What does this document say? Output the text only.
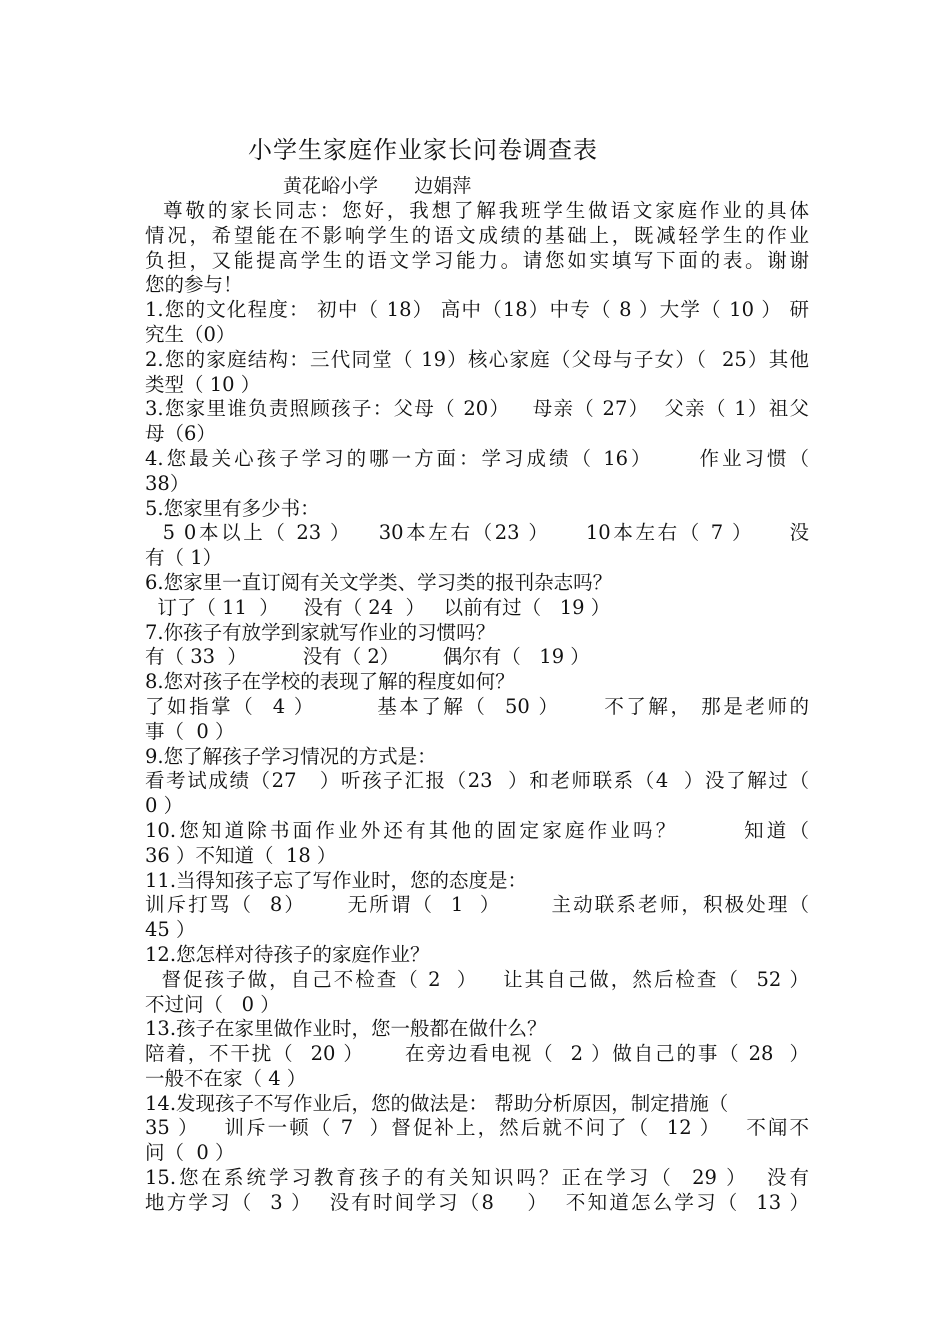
小学生家庭作业家长问卷调查表
黄花峪小学      边娟萍
尊敬的家长同志：您好，我想了解我班学生做语文家庭作业的具体
情况，希望能在不影响学生的语文成绩的基础上，既减轻学生的作业
负担，又能提高学生的语文学习能力。请您如实填写下面的表。谢谢
您的参与！
1.您的文化程度： 初中（ 18） 高中（18）中专（ 8 ）大学（ 10 ） 研
究生（0）
2.您的家庭结构：三代同堂（ 19）核心家庭（父母与子女）（  25）其他
类型（ 10 ）
3.您家里谁负责照顾孩子：父母（ 20）   母亲（ 27）  父亲（ 1）祖父
母（6）
4.您最关心孩子学习的哪一方面：学习成绩（ 16）     作业习惯（
38）
5.您家里有多少书：
5 0本以上（ 23 ）   30本左右（23 ）    10本左右（ 7 ）    没
有（ 1）
6.您家里一直订阅有关文学类、学习类的报刊杂志吗？
订了（ 11  ）    没有（ 24  ）   以前有过（   19 ）
7.你孩子有放学到家就写作业的习惯吗？
有（ 33  ）         没有（ 2）       偶尔有（   19 ）
8.您对孩子在学校的表现了解的程度如何？
了如指掌（  4 ）       基本了解（  50 ）     不了解， 那是老师的
事（  0 ）
9.您了解孩子学习情况的方式是：
看考试成绩（27   ）听孩子汇报（23  ）和老师联系（4  ）没了解过（
0 ）
10.您知道除书面作业外还有其他的固定家庭作业吗？       知道（
36 ）不知道（  18 ）
11.当得知孩子忘了写作业时，您的态度是：
训斥打骂（  8）     无所谓（  1  ）      主动联系老师，积极处理（
45 ）
12.您怎样对待孩子的家庭作业？
督促孩子做，自己不检查（ 2  ）   让其自己做，然后检查（  52 ）
不过问（   0 ）
13.孩子在家里做作业时，您一般都在做什么？
陪着，不干扰（  20 ）     在旁边看电视（  2 ）做自己的事（ 28  ）
一般不在家（ 4 ）
14.发现孩子不写作业后，您的做法是： 帮助分析原因，制定措施（
35 ）   训斥一顿（ 7  ）督促补上，然后就不问了（  12 ）   不闻不
问（  0 ）
15.您在系统学习教育孩子的有关知识吗？正在学习（  29 ）  没有
地方学习（  3 ）  没有时间学习（8    ）  不知道怎么学习（  13 ）
